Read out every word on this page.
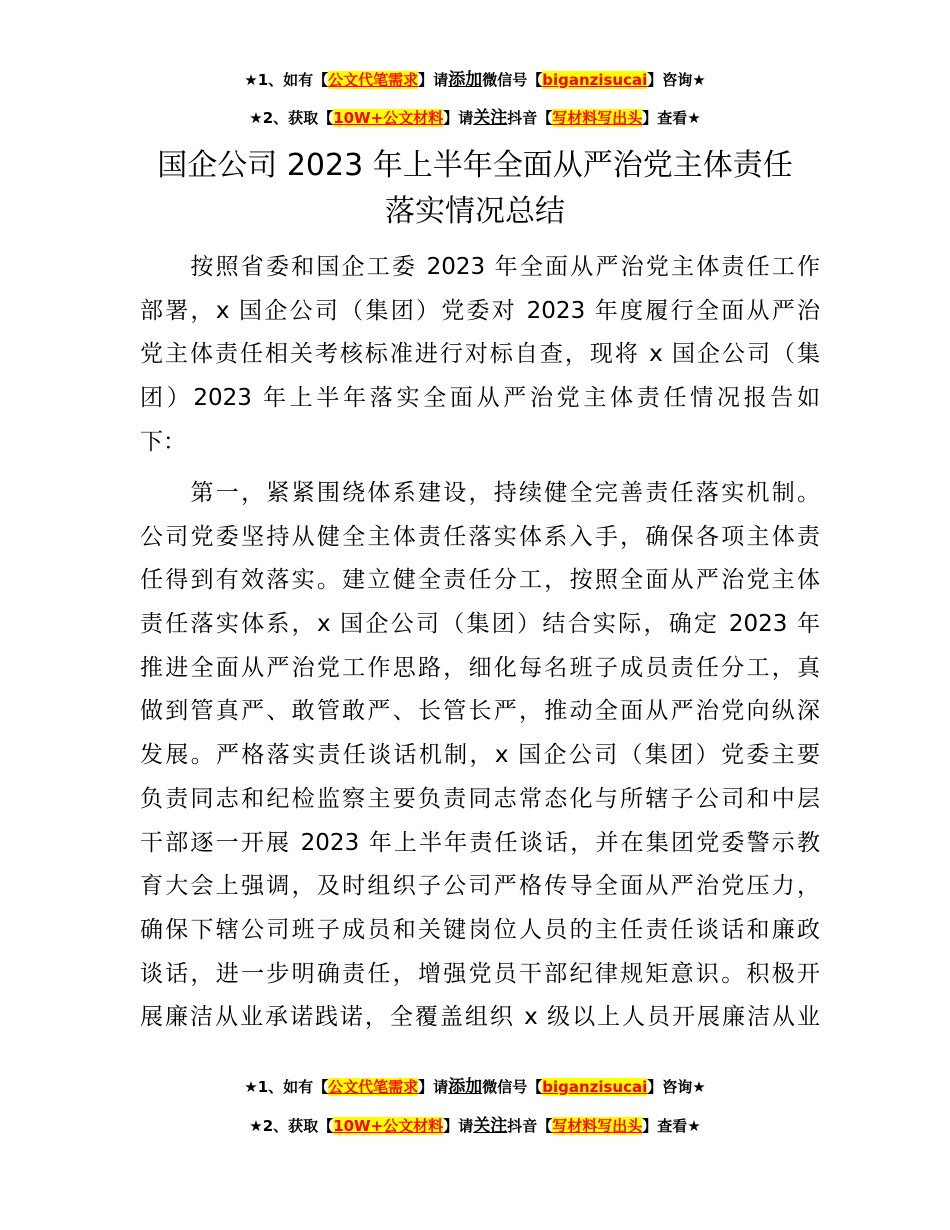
★1、如有【公文代笔需求】请添加微信号【biganzisucai】咨询★
★2、获取【10W+公文材料】请关注抖音【写材料写出头】查看★
国企公司 2023 年上半年全面从严治党主体责任
落实情况总结
　　按照省委和国企工委 2023 年全面从严治党主体责任工作
部署，x 国企公司（集团）党委对 2023 年度履行全面从严治
党主体责任相关考核标准进行对标自查，现将 x 国企公司（集
团）2023 年上半年落实全面从严治党主体责任情况报告如
下：
　　第一，紧紧围绕体系建设，持续健全完善责任落实机制。
公司党委坚持从健全主体责任落实体系入手，确保各项主体责
任得到有效落实。建立健全责任分工，按照全面从严治党主体
责任落实体系，x 国企公司（集团）结合实际，确定 2023 年
推进全面从严治党工作思路，细化每名班子成员责任分工，真
做到管真严、敢管敢严、长管长严，推动全面从严治党向纵深
发展。严格落实责任谈话机制，x 国企公司（集团）党委主要
负责同志和纪检监察主要负责同志常态化与所辖子公司和中层
干部逐一开展 2023 年上半年责任谈话，并在集团党委警示教
育大会上强调，及时组织子公司严格传导全面从严治党压力，
确保下辖公司班子成员和关键岗位人员的主任责任谈话和廉政
谈话，进一步明确责任，增强党员干部纪律规矩意识。积极开
展廉洁从业承诺践诺，全覆盖组织 x 级以上人员开展廉洁从业
★1、如有【公文代笔需求】请添加微信号【biganzisucai】咨询★
★2、获取【10W+公文材料】请关注抖音【写材料写出头】查看★
